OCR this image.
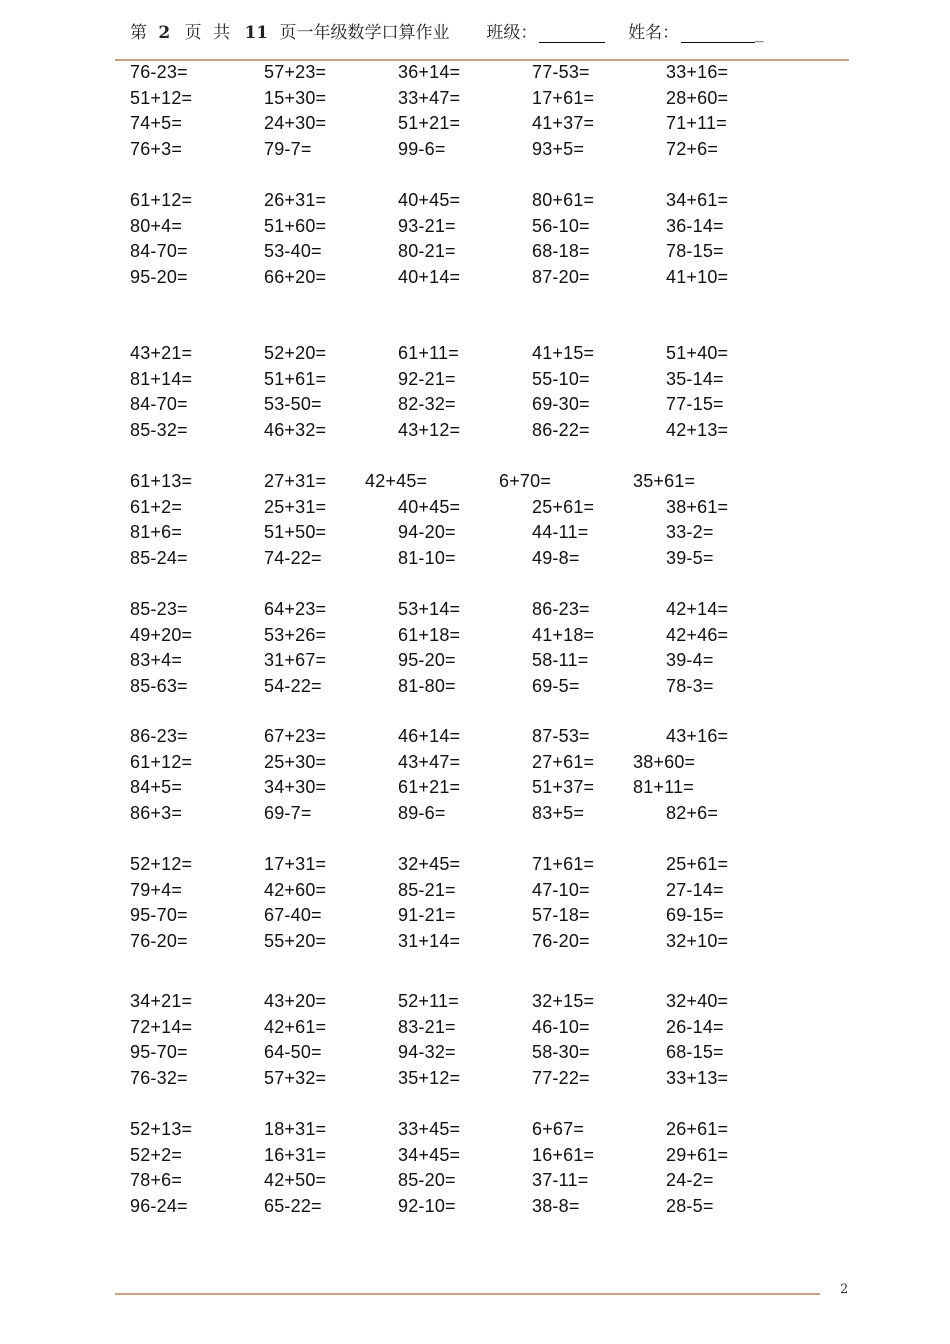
第 2 页 共 11 页一年级数学口算作业 班级：	姓名：	_
76-23=	57+23=	36+14=	77-53=	33+16=
51+12=	15+30=	33+47=	17+61=	28+60=
74+5=	24+30=	51+21=	41+37=	71+11=
76+3=	79-7=	99-6=	93+5=	72+6=
61+12=	26+31=	40+45=	80+61=	34+61=
80+4=	51+60=	93-21=	56-10=	36-14=
84-70=	53-40=	80-21=	68-18=	78-15=
95-20=	66+20=	40+14=	87-20=	41+10=
43+21=	52+20=	61+11=	41+15=	51+40=
81+14=	51+61=	92-21=	55-10=	35-14=
84-70=	53-50=	82-32=	69-30=	77-15=
85-32=	46+32=	43+12=	86-22=	42+13=
61+13=	27+31= 42+45=	6+70=	35+61=
61+2=	25+31=	40+45=	25+61=	38+61=
81+6=	51+50=	94-20=	44-11=	33-2=
85-24=	74-22=	81-10=	49-8=	39-5=
85-23=	64+23=	53+14=	86-23=	42+14=
49+20=	53+26=	61+18=	41+18=	42+46=
83+4=	31+67=	95-20=	58-11=	39-4=
85-63=	54-22=	81-80=	69-5=	78-3=
86-23=	67+23=	46+14=	87-53=	43+16=
61+12=	25+30=	43+47=	27+61= 38+60=
84+5=	34+30=	61+21=	51+37= 81+11=
86+3=	69-7=	89-6=	83+5=	82+6=
52+12=	17+31=	32+45=	71+61=	25+61=
79+4=	42+60=	85-21=	47-10=	27-14=
95-70=	67-40=	91-21=	57-18=	69-15=
76-20=	55+20=	31+14=	76-20=	32+10=
34+21=	43+20=	52+11=	32+15=	32+40=
72+14=	42+61=	83-21=	46-10=	26-14=
95-70=	64-50=	94-32=	58-30=	68-15=
76-32=	57+32=	35+12=	77-22=	33+13=
52+13=	18+31=	33+45=	6+67=	26+61=
52+2=	16+31=	34+45=	16+61=	29+61=
78+6=	42+50=	85-20=	37-11=	24-2=
96-24=	65-22=	92-10=	38-8=	28-5=
2
